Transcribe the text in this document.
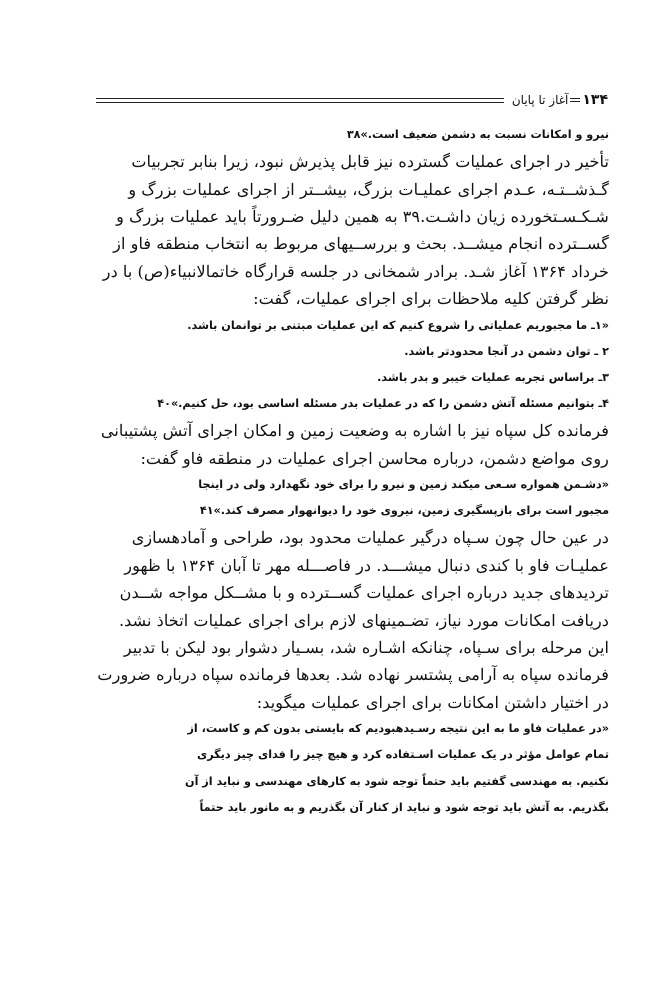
۱۳۴
آغاز تا پایان
نیرو و امکانات نسبت به دشمن ضعیف است.»۳۸
تأخیر در اجرای عملیات گسترده نیز قابل پذیرش نبود، زیرا بنابر تجربیات
گـذشــتـه، عـدم اجرای عملیـات بزرگ، بیشــتر از اجرای عملیات بزرگ و
شـکـسـتخورده زیان داشـت.۳۹ به همین دلیل ضـرورتاً باید عملیات بزرگ و
گســترده انجام میشــد. بحث و بررســیهای مربوط به انتخاب منطقه فاو از
خرداد ۱۳۶۴ آغاز شـد. برادر شمخانی در جلسه قرارگاه خاتمالانبیاء(ص) با در
نظر گرفتن کلیه ملاحظات برای اجرای عملیات، گفت:
«۱ـ ما مجبوریم عملیاتی را شروع کنیم که این عملیات مبتنی بر توانمان باشد.
۲ ـ توان دشمن در آنجا محدودتر باشد.
۳ـ براساس تجربه عملیات خیبر و بدر باشد.
۴ـ بتوانیم مسئله آتش دشمن را که در عملیات بدر مسئله اساسی بود، حل کنیم.»۴۰
فرمانده کل سپاه نیز با اشاره به وضعیت زمین و امکان اجرای آتش پشتیبانی
روی مواضع دشمن، درباره محاسن اجرای عملیات در منطقه فاو گفت:
«دشـمن همواره سـعی میکند زمین و نیرو را برای خود نگهدارد ولی در اینجا
مجبور است برای بازپسگیری زمین، نیروی خود را دیوانهوار مصرف کند.»۴۱
در عین حال چون سـپاه درگیر عملیات محدود بود، طراحی و آمادهسازی
عملیـات فاو با کندی دنبال میشـــد. در فاصـــله مهر تا آبان ۱۳۶۴ با ظهور
تردیدهای جدید درباره اجرای عملیات گســترده و با مشــکل مواجه شــدن
دریافت امکانات مورد نیاز، تضـمینهای لازم برای اجرای عملیات اتخاذ نشد.
این مرحله برای سـپاه، چنانکه اشـاره شد، بسـیار دشوار بود لیکن با تدبیر
فرمانده سپاه به آرامی پشتسر نهاده شد. بعدها فرمانده سپاه درباره ضرورت
در اختیار داشتن امکانات برای اجرای عملیات میگوید:
«در عملیات فاو ما به این نتیجه رسـیدهبودیم که بایستی بدون کم و کاست، از
تمام عوامل مؤثر در یک عملیات اسـتفاده کرد و هیچ چیز را فدای چیز دیگری
نکنیم. به مهندسی گفتیم باید حتماً توجه شود به کارهای مهندسی و نباید از آن
بگذریم. به آتش باید توجه شود و نباید از کنار آن بگذریم و به مانور باید حتماً
